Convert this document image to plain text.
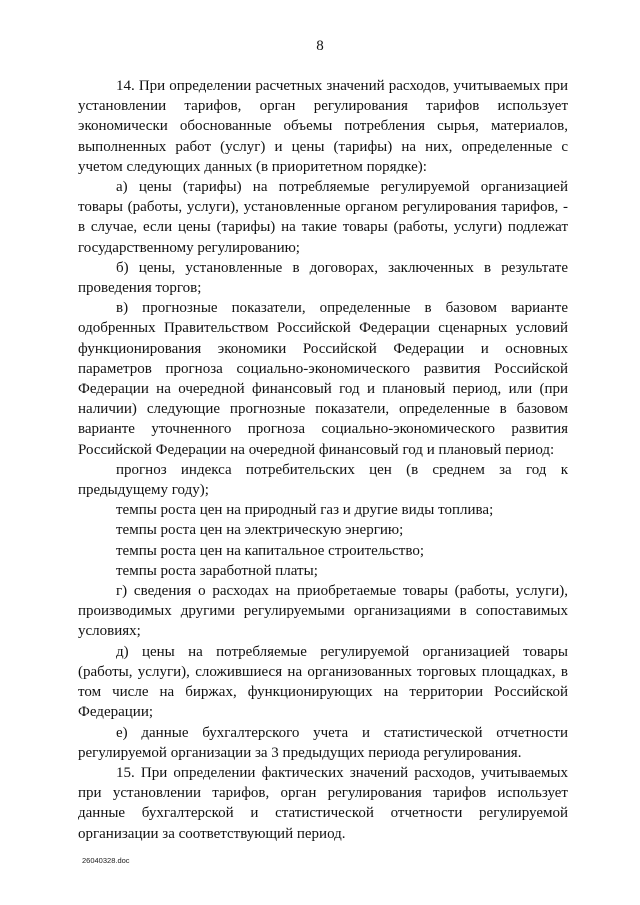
8

14. При определении расчетных значений расходов, учитываемых при установлении тарифов, орган регулирования тарифов использует экономически обоснованные объемы потребления сырья, материалов, выполненных работ (услуг) и цены (тарифы) на них, определенные с учетом следующих данных (в приоритетном порядке):

а) цены (тарифы) на потребляемые регулируемой организацией товары (работы, услуги), установленные органом регулирования тарифов, - в случае, если цены (тарифы) на такие товары (работы, услуги) подлежат государственному регулированию;

б) цены, установленные в договорах, заключенных в результате проведения торгов;

в) прогнозные показатели, определенные в базовом варианте одобренных Правительством Российской Федерации сценарных условий функционирования экономики Российской Федерации и основных параметров прогноза социально-экономического развития Российской Федерации на очередной финансовый год и плановый период, или (при наличии) следующие прогнозные показатели, определенные в базовом варианте уточненного прогноза социально-экономического развития Российской Федерации на очередной финансовый год и плановый период:

прогноз индекса потребительских цен (в среднем за год к предыдущему году);

темпы роста цен на природный газ и другие виды топлива;

темпы роста цен на электрическую энергию;

темпы роста цен на капитальное строительство;

темпы роста заработной платы;

г) сведения о расходах на приобретаемые товары (работы, услуги), производимых другими регулируемыми организациями в сопоставимых условиях;

д) цены на потребляемые регулируемой организацией товары (работы, услуги), сложившиеся на организованных торговых площадках, в том числе на биржах, функционирующих на территории Российской Федерации;

е) данные бухгалтерского учета и статистической отчетности регулируемой организации за 3 предыдущих периода регулирования.

15. При определении фактических значений расходов, учитываемых при установлении тарифов, орган регулирования тарифов использует данные бухгалтерской и статистической отчетности регулируемой организации за соответствующий период.

26040328.doc
